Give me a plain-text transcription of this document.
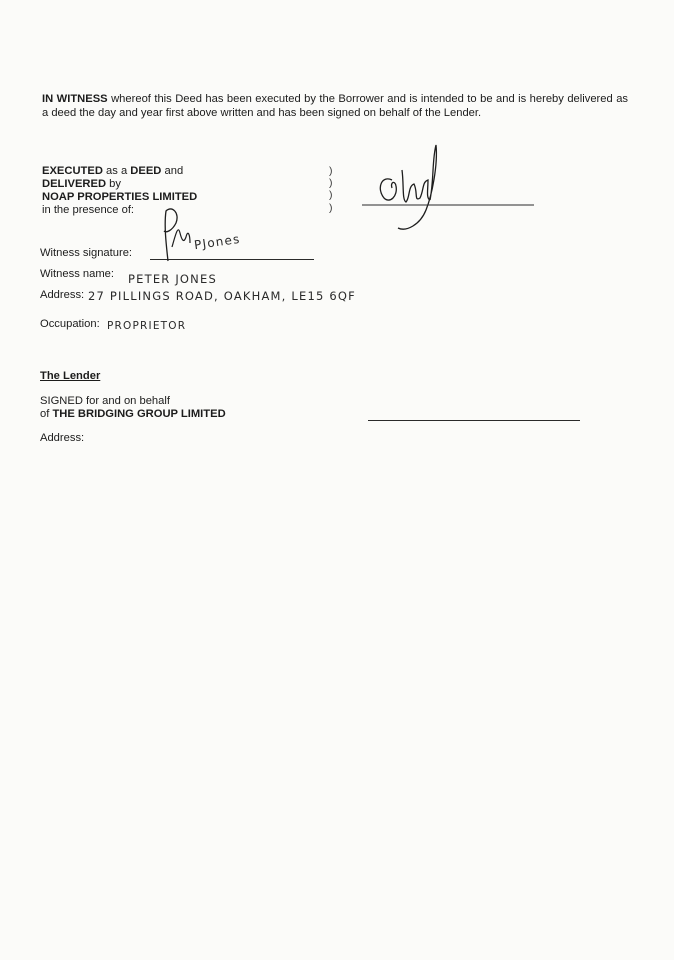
IN WITNESS whereof this Deed has been executed by the Borrower and is intended to be and is hereby delivered as a deed the day and year first above written and has been signed on behalf of the Lender.
EXECUTED as a DEED and
DELIVERED by
NOAP PROPERTIES LIMITED
in the presence of:
)
)
)
)
Witness signature:
PJones
Witness name: PETER JONES
Address: 27 PILLINGS ROAD, OAKHAM, LE15 6QF
Occupation: PROPRIETOR
The Lender
SIGNED for and on behalf
of THE BRIDGING GROUP LIMITED
Address:
